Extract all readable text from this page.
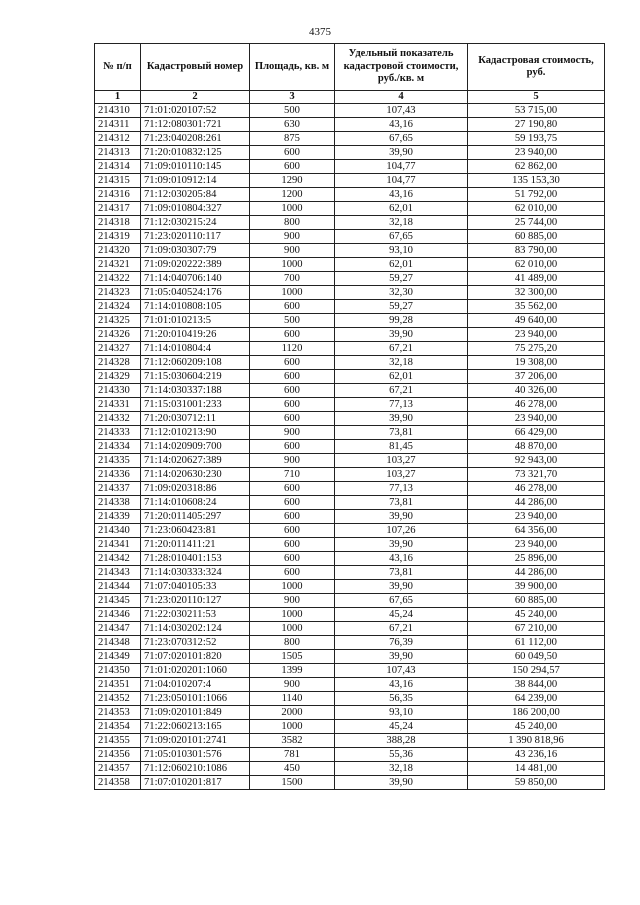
4375
№ п/п	Кадастровый номер	Площадь, кв. м	Удельный показатель кадастровой стоимости, руб./кв. м	Кадастровая стоимость, руб.
1	2	3	4	5
214310	71:01:020107:52	500	107,43	53 715,00
214311	71:12:080301:721	630	43,16	27 190,80
214312	71:23:040208:261	875	67,65	59 193,75
214313	71:20:010832:125	600	39,90	23 940,00
214314	71:09:010110:145	600	104,77	62 862,00
214315	71:09:010912:14	1290	104,77	135 153,30
214316	71:12:030205:84	1200	43,16	51 792,00
214317	71:09:010804:327	1000	62,01	62 010,00
214318	71:12:030215:24	800	32,18	25 744,00
214319	71:23:020110:117	900	67,65	60 885,00
214320	71:09:030307:79	900	93,10	83 790,00
214321	71:09:020222:389	1000	62,01	62 010,00
214322	71:14:040706:140	700	59,27	41 489,00
214323	71:05:040524:176	1000	32,30	32 300,00
214324	71:14:010808:105	600	59,27	35 562,00
214325	71:01:010213:5	500	99,28	49 640,00
214326	71:20:010419:26	600	39,90	23 940,00
214327	71:14:010804:4	1120	67,21	75 275,20
214328	71:12:060209:108	600	32,18	19 308,00
214329	71:15:030604:219	600	62,01	37 206,00
214330	71:14:030337:188	600	67,21	40 326,00
214331	71:15:031001:233	600	77,13	46 278,00
214332	71:20:030712:11	600	39,90	23 940,00
214333	71:12:010213:90	900	73,81	66 429,00
214334	71:14:020909:700	600	81,45	48 870,00
214335	71:14:020627:389	900	103,27	92 943,00
214336	71:14:020630:230	710	103,27	73 321,70
214337	71:09:020318:86	600	77,13	46 278,00
214338	71:14:010608:24	600	73,81	44 286,00
214339	71:20:011405:297	600	39,90	23 940,00
214340	71:23:060423:81	600	107,26	64 356,00
214341	71:20:011411:21	600	39,90	23 940,00
214342	71:28:010401:153	600	43,16	25 896,00
214343	71:14:030333:324	600	73,81	44 286,00
214344	71:07:040105:33	1000	39,90	39 900,00
214345	71:23:020110:127	900	67,65	60 885,00
214346	71:22:030211:53	1000	45,24	45 240,00
214347	71:14:030202:124	1000	67,21	67 210,00
214348	71:23:070312:52	800	76,39	61 112,00
214349	71:07:020101:820	1505	39,90	60 049,50
214350	71:01:020201:1060	1399	107,43	150 294,57
214351	71:04:010207:4	900	43,16	38 844,00
214352	71:23:050101:1066	1140	56,35	64 239,00
214353	71:09:020101:849	2000	93,10	186 200,00
214354	71:22:060213:165	1000	45,24	45 240,00
214355	71:09:020101:2741	3582	388,28	1 390 818,96
214356	71:05:010301:576	781	55,36	43 236,16
214357	71:12:060210:1086	450	32,18	14 481,00
214358	71:07:010201:817	1500	39,90	59 850,00
